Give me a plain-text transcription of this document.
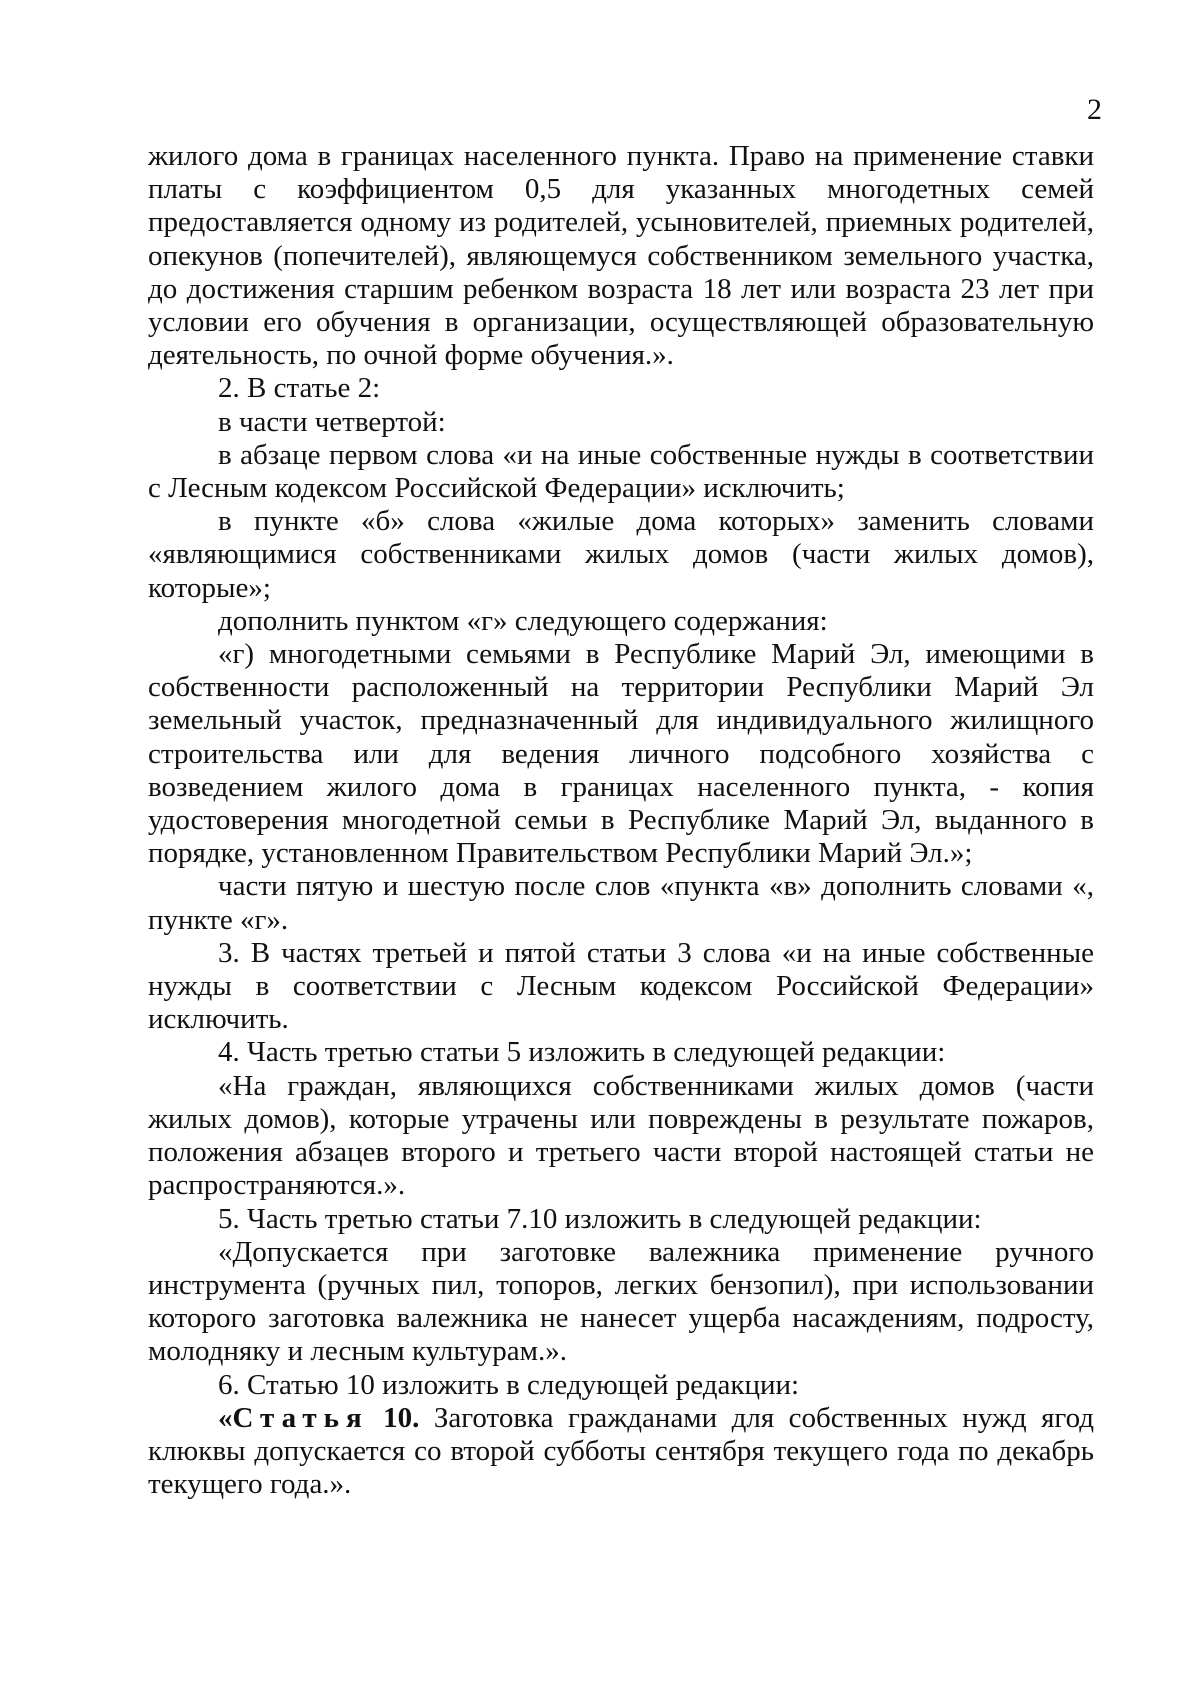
2

жилого дома в границах населенного пункта. Право на применение ставки платы с коэффициентом 0,5 для указанных многодетных семей предоставляется одному из родителей, усыновителей, приемных родителей, опекунов (попечителей), являющемуся собственником земельного участка, до достижения старшим ребенком возраста 18 лет или возраста 23 лет при условии его обучения в организации, осуществляющей образовательную деятельность, по очной форме обучения.».

2. В статье 2:

в части четвертой:

в абзаце первом слова «и на иные собственные нужды в соответствии с Лесным кодексом Российской Федерации» исключить;

в пункте «б» слова «жилые дома которых» заменить словами «являющимися собственниками жилых домов (части жилых домов), которые»;

дополнить пунктом «г» следующего содержания:

«г) многодетными семьями в Республике Марий Эл, имеющими в собственности расположенный на территории Республики Марий Эл земельный участок, предназначенный для индивидуального жилищного строительства или для ведения личного подсобного хозяйства с возведением жилого дома в границах населенного пункта, - копия удостоверения многодетной семьи в Республике Марий Эл, выданного в порядке, установленном Правительством Республики Марий Эл.»;

части пятую и шестую после слов «пункта «в» дополнить словами «, пункте «г».

3. В частях третьей и пятой статьи 3 слова «и на иные собственные нужды в соответствии с Лесным кодексом Российской Федерации» исключить.

4. Часть третью статьи 5 изложить в следующей редакции:

«На граждан, являющихся собственниками жилых домов (части жилых домов), которые утрачены или повреждены в результате пожаров, положения абзацев второго и третьего части второй настоящей статьи не распространяются.».

5. Часть третью статьи 7.10 изложить в следующей редакции:

«Допускается при заготовке валежника применение ручного инструмента (ручных пил, топоров, легких бензопил), при использовании которого заготовка валежника не нанесет ущерба насаждениям, подросту, молодняку и лесным культурам.».

6. Статью 10 изложить в следующей редакции:

«Статья 10. Заготовка гражданами для собственных нужд ягод клюквы допускается со второй субботы сентября текущего года по декабрь текущего года.».
